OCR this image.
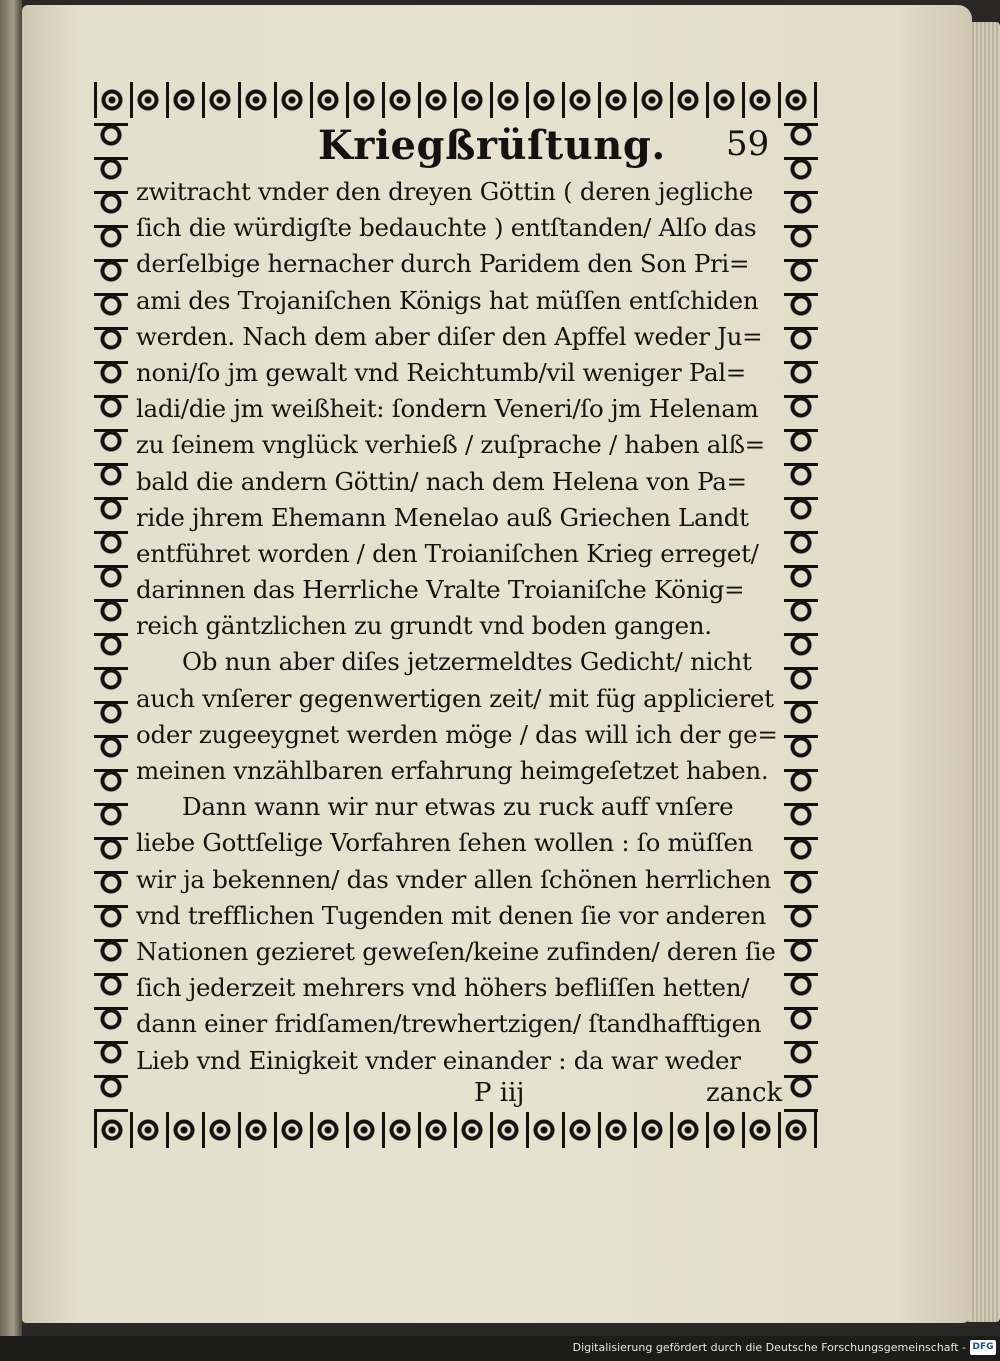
Kriegßrüſtung. 59
zwitracht vnder den dreyen Göttin ( deren jegliche
ſich die würdigſte bedauchte ) entſtanden/ Alſo das
derſelbige hernacher durch Paridem den Son Pri=
ami des Trojaniſchen Königs hat müſſen entſchiden
werden. Nach dem aber diſer den Apffel weder Ju=
noni/ſo jm gewalt vnd Reichtumb/vil weniger Pal=
ladi/die jm weißheit: ſondern Veneri/ſo jm Helenam
zu ſeinem vnglück verhieß / zuſprache / haben alß=
bald die andern Göttin/ nach dem Helena von Pa=
ride jhrem Ehemann Menelao auß Griechen Landt
entführet worden / den Troianiſchen Krieg erreget/
darinnen das Herrliche Vralte Troianiſche König=
reich gäntzlichen zu grundt vnd boden gangen.
Ob nun aber diſes jetzermeldtes Gedicht/ nicht
auch vnſerer gegenwertigen zeit/ mit füg applicieret
oder zugeeygnet werden möge / das will ich der ge=
meinen vnzählbaren erfahrung heimgeſetzet haben.
Dann wann wir nur etwas zu ruck auff vnſere
liebe Gottſelige Vorfahren ſehen wollen : ſo müſſen
wir ja bekennen/ das vnder allen ſchönen herrlichen
vnd trefflichen Tugenden mit denen ſie vor anderen
Nationen gezieret geweſen/keine zufinden/ deren ſie
ſich jederzeit mehrers vnd höhers befliſſen hetten/
dann einer fridſamen/trewhertzigen/ ſtandhafftigen
Lieb vnd Einigkeit vnder einander : da war weder
P iij	zanck
Digitalisierung gefördert durch die Deutsche Forschungsgemeinschaft - DFG
